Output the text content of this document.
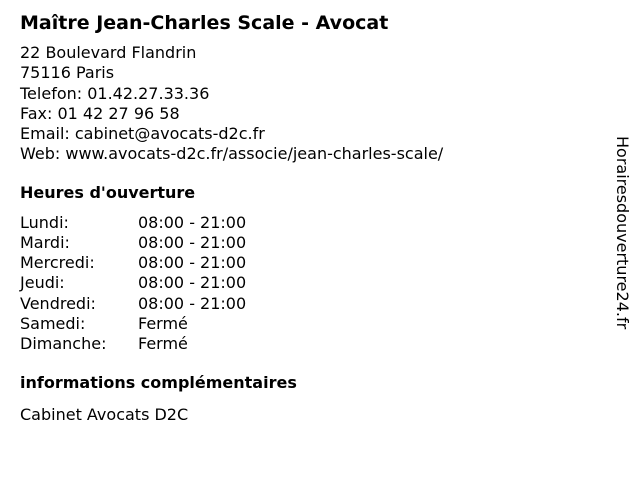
Maître Jean-Charles Scale - Avocat
22 Boulevard Flandrin
75116 Paris
Telefon: 01.42.27.33.36
Fax: 01 42 27 96 58
Email: cabinet@avocats-d2c.fr
Web: www.avocats-d2c.fr/associe/jean-charles-scale/
Heures d'ouverture
Lundi:	08:00 - 21:00
Mardi:	08:00 - 21:00
Mercredi:	08:00 - 21:00
Jeudi:	08:00 - 21:00
Vendredi:	08:00 - 21:00
Samedi:	Fermé
Dimanche:	Fermé
informations complémentaires
Cabinet Avocats D2C
Horairesdouverture24.fr
